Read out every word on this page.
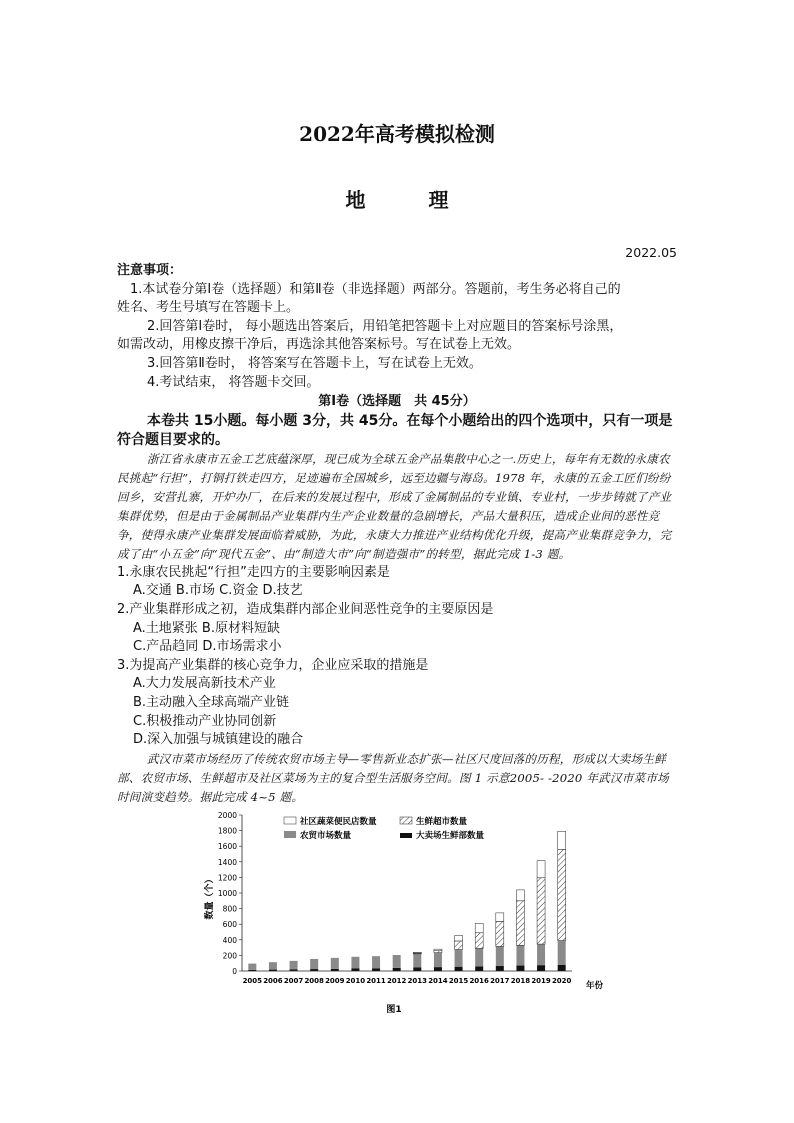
2022年高考模拟检测
地 理
2022.05

注意事项：

1.本试卷分第Ⅰ卷（选择题）和第Ⅱ卷（非选择题）两部分。答题前，考生务必将自己的

姓名、考生号填写在答题卡上。

2.回答第Ⅰ卷时， 每小题选出答案后，用铅笔把答题卡上对应题目的答案标号涂黑，

如需改动，用橡皮擦干净后，再选涂其他答案标号。写在试卷上无效。

3.回答第Ⅱ卷时， 将答案写在答题卡上，写在试卷上无效。

4.考试结束， 将答题卡交回。

第Ⅰ卷（选择题　共 45分）

本卷共 15小题。每小题 3分，共 45分。在每个小题给出的四个选项中，只有一项是符合题目要求的。

浙江省永康市五金工艺底蕴深厚，现已成为全球五金产品集散中心之一.历史上，每年有无数的永康农民挑起“行担”，打铜打铁走四方，足迹遍布全国城乡，远至边疆与海岛。1978 年，永康的五金工匠们纷纷回乡，安营扎寨，开炉办厂，在后来的发展过程中，形成了金属制品的专业镇、专业村，一步步铸就了产业集群优势，但是由于金属制品产业集群内生产企业数量的急剧增长，产品大量积压，造成企业间的恶性竞争，使得永康产业集群发展面临着威胁，为此，永康大力推进产业结构优化升级，提高产业集群竞争力，完成了由“小五金”向“现代五金”、由“制造大市”向“制造强市”的转型，据此完成 1-3 题。

1.永康农民挑起“行担”走四方的主要影响因素是

A.交通 B.市场 C.资金 D.技艺

2.产业集群形成之初，造成集群内部企业间恶性竞争的主要原因是

A.土地紧张 B.原材料短缺

C.产品趋同 D.市场需求小

3.为提高产业集群的核心竞争力，企业应采取的措施是

A.大力发展高新技术产业

B.主动融入全球高端产业链

C.积极推动产业协同创新

D.深入加强与城镇建设的融合

武汉市菜市场经历了传统农贸市场主导—零售新业态扩张—社区尺度回落的历程，形成以大卖场生鲜部、农贸市场、生鲜超市及社区菜场为主的复合型生活服务空间。图 1 示意2005- -2020 年武汉市菜市场时间演变趋势。据此完成 4~5 题。

0
200
400
600
800
1000
1200
1400
1600
1800
2000
2005 2006 2007 2008 2009 2010 2011 2012 2013 2014 2015 2016 2017 2018 2019 2020
社区蔬菜便民店数量	生鲜超市数量
农贸市场数量	大卖场生鲜部数量
数量（个）
年份
图1
